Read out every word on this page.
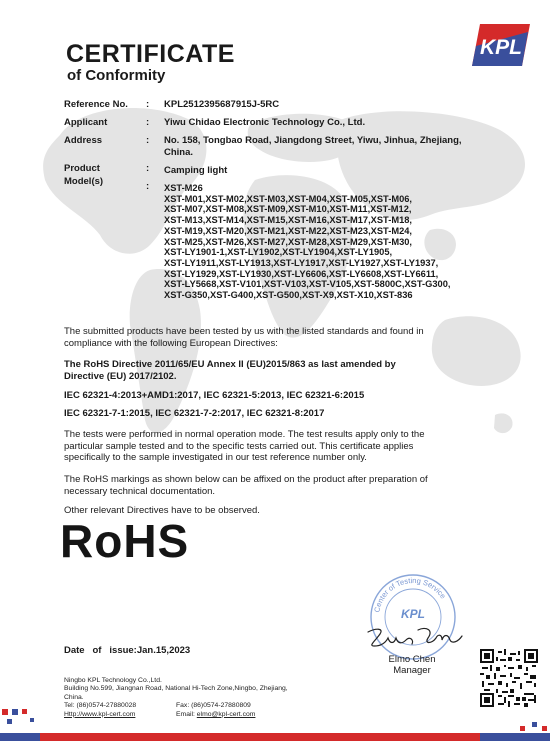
KPL
CERTIFICATE
of Conformity
Reference No. : KPL2512395687915J-5RC
Applicant	: Yiwu Chidao Electronic Technology Co., Ltd.
Address	: No. 158, Tongbao Road, Jiangdong Street, Yiwu, Jinhua, Zhejiang, China.
Product	: Camping light
Model(s)	: XST-M26
XST-M01,XST-M02,XST-M03,XST-M04,XST-M05,XST-M06,
XST-M07,XST-M08,XST-M09,XST-M10,XST-M11,XST-M12,
XST-M13,XST-M14,XST-M15,XST-M16,XST-M17,XST-M18,
XST-M19,XST-M20,XST-M21,XST-M22,XST-M23,XST-M24,
XST-M25,XST-M26,XST-M27,XST-M28,XST-M29,XST-M30,
XST-LY1901-1,XST-LY1902,XST-LY1904,XST-LY1905,
XST-LY1911,XST-LY1913,XST-LY1917,XST-LY1927,XST-LY1937,
XST-LY1929,XST-LY1930,XST-LY6606,XST-LY6608,XST-LY6611,
XST-LY5668,XST-V101,XST-V103,XST-V105,XST-5800C,XST-G300,
XST-G350,XST-G400,XST-G500,XST-X9,XST-X10,XST-836
The submitted products have been tested by us with the listed standards and found in compliance with the following European Directives:
The RoHS Directive 2011/65/EU Annex II (EU)2015/863 as last amended by Directive (EU) 2017/2102.
IEC 62321-4:2013+AMD1:2017, IEC 62321-5:2013, IEC 62321-6:2015
IEC 62321-7-1:2015, IEC 62321-7-2:2017, IEC 62321-8:2017
The tests were performed in normal operation mode. The test results apply only to the particular sample tested and to the specific tests carried out. This certificate applies specifically to the sample investigated in our test reference number only.
The RoHS markings as shown below can be affixed on the product after preparation of necessary technical documentation.
Other relevant Directives have to be observed.
RoHS
Center of Testing Service
KPL
Elmo Chen
Manager
Date   of   issue:Jan.15,2023
Ningbo KPL Technology Co.,Ltd.
Building No.599, Jiangnan Road, National Hi-Tech Zone,Ningbo, Zhejiang,
China.
Tel: (86)0574-27880028	Fax: (86)0574-27880809
Http://www.kpl-cert.com	Email: elmo@kpl-cert.com
